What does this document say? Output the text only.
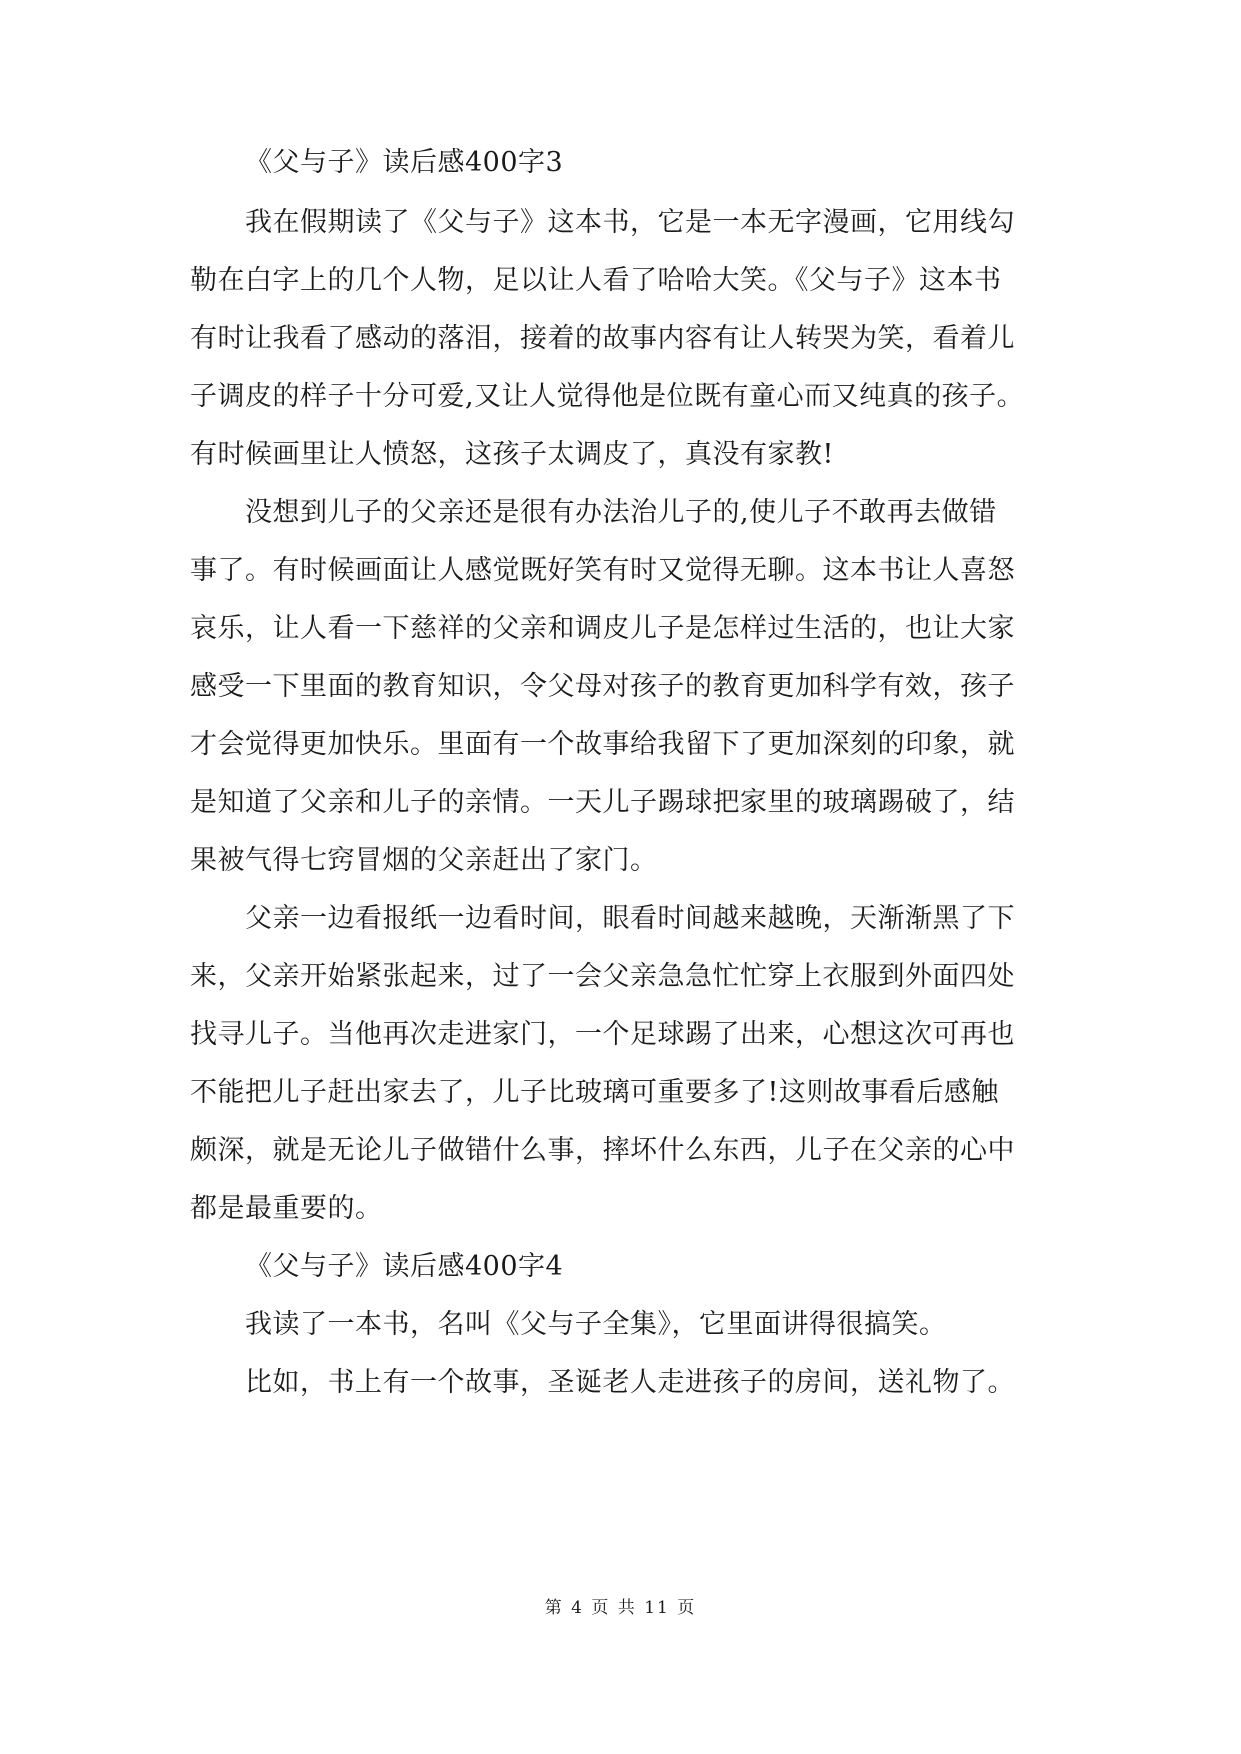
《父与子》读后感400字3
我在假期读了《父与子》这本书，它是一本无字漫画，它用线勾
勒在白字上的几个人物，足以让人看了哈哈大笑。《父与子》这本书
有时让我看了感动的落泪，接着的故事内容有让人转哭为笑，看着儿
子调皮的样子十分可爱,又让人觉得他是位既有童心而又纯真的孩子。
有时候画里让人愤怒，这孩子太调皮了，真没有家教!
没想到儿子的父亲还是很有办法治儿子的,使儿子不敢再去做错
事了。有时候画面让人感觉既好笑有时又觉得无聊。这本书让人喜怒
哀乐，让人看一下慈祥的父亲和调皮儿子是怎样过生活的，也让大家
感受一下里面的教育知识，令父母对孩子的教育更加科学有效，孩子
才会觉得更加快乐。里面有一个故事给我留下了更加深刻的印象，就
是知道了父亲和儿子的亲情。一天儿子踢球把家里的玻璃踢破了，结
果被气得七窍冒烟的父亲赶出了家门。
父亲一边看报纸一边看时间，眼看时间越来越晚，天渐渐黑了下
来，父亲开始紧张起来，过了一会父亲急急忙忙穿上衣服到外面四处
找寻儿子。当他再次走进家门，一个足球踢了出来，心想这次可再也
不能把儿子赶出家去了，儿子比玻璃可重要多了!这则故事看后感触
颇深，就是无论儿子做错什么事，摔坏什么东西，儿子在父亲的心中
都是最重要的。
《父与子》读后感400字4
我读了一本书，名叫《父与子全集》，它里面讲得很搞笑。
比如，书上有一个故事，圣诞老人走进孩子的房间，送礼物了。
第 4 页 共 11 页
